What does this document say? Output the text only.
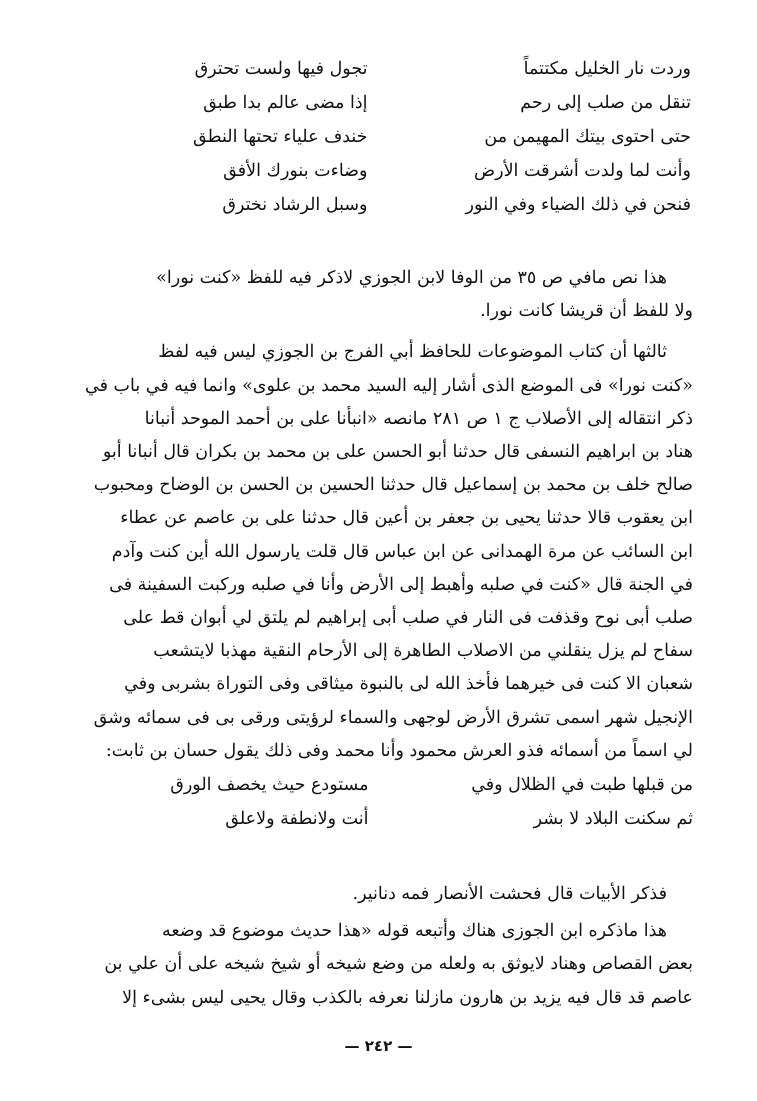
وردت نار الخليل مكتتماً
تجول فيها ولست تحترق
تنقل من صلب إلى رحم
إذا مضى عالم بدا طبق
حتى احتوى بيتك المهيمن من
خندف علياء تحتها النطق
وأنت لما ولدت أشرقت الأرض
وضاءت بنورك الأفق
فنحن في ذلك الضياء وفي النور
وسبل الرشاد نخترق

هذا نص مافي ص ٣٥ من الوفا لابن الجوزي لاذكر فيه للفظ «كنت نورا»
ولا للفظ أن قريشا كانت نورا.

ثالثها أن كتاب الموضوعات للحافظ أبي الفرج بن الجوزي ليس فيه لفظ
«كنت نورا» فى الموضع الذى أشار إليه السيد محمد بن علوى» وانما فيه في باب في
ذكر انتقاله إلى الأصلاب ج ١ ص ٢٨١ مانصه «انبأنا على بن أحمد الموحد أنبانا
هناد بن ابراهيم النسفى قال حدثنا أبو الحسن على بن محمد بن بكران قال أنبانا أبو
صالح خلف بن محمد بن إسماعيل قال حدثنا الحسين بن الحسن بن الوضاح ومحبوب
ابن يعقوب قالا حدثنا يحيى بن جعفر بن أعين قال حدثنا على بن عاصم عن عطاء
ابن السائب عن مرة الهمدانى عن ابن عباس قال قلت يارسول الله أين كنت وآدم
في الجنة قال «كنت في صلبه وأهبط إلى الأرض وأنا في صلبه وركبت السفينة فى
صلب أبى نوح وقذفت فى النار في صلب أبى إبراهيم لم يلتق لي أبوان قط على
سفاح لم يزل ينقلني من الاصلاب الطاهرة إلى الأرحام النقية مهذبا لايتشعب
شعبان الا كنت فى خيرهما فأخذ الله لى بالنبوة ميثاقى وفى التوراة بشربى وفي
الإنجيل شهر اسمى تشرق الأرض لوجهى والسماء لرؤيتى ورقى بى فى سمائه وشق
لي اسماً من أسمائه فذو العرش محمود وأنا محمد وفى ذلك يقول حسان بن ثابت:

من قبلها طبت في الظلال وفي
مستودع حيث يخصف الورق
ثم سكنت البلاد لا بشر
أنت ولانطفة ولاعلق

فذكر الأبيات قال فحشت الأنصار فمه دنانير.

هذا ماذكره ابن الجوزى هناك وأتبعه قوله «هذا حديث موضوع قد وضعه
بعض القصاص وهناد لايوثق به ولعله من وضع شيخه أو شيخ شيخه على أن علي بن
عاصم قد قال فيه يزيد بن هارون مازلنا نعرفه بالكذب وقال يحيى ليس بشىء إلا

— ٢٤٢ —
